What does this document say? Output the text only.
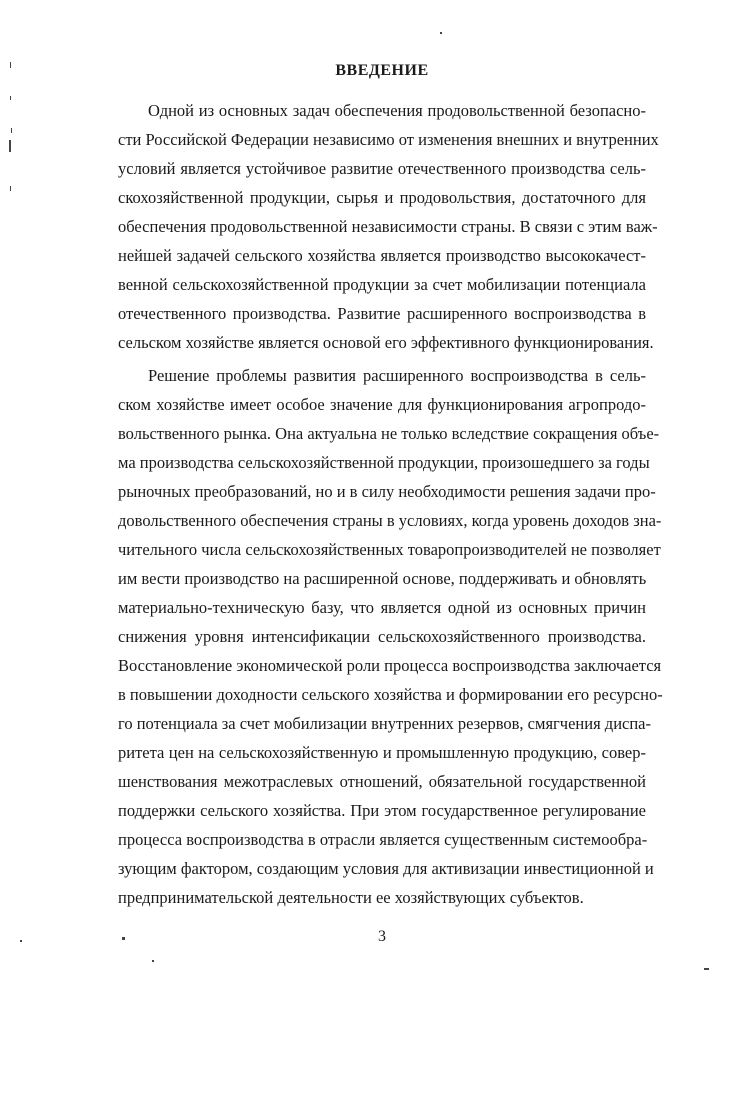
ВВЕДЕНИЕ
Одной из основных задач обеспечения продовольственной безопасно-
сти Российской Федерации независимо от изменения внешних и внутренних
условий является устойчивое развитие отечественного производства сель-
скохозяйственной продукции, сырья и продовольствия, достаточного для
обеспечения продовольственной независимости страны. В связи с этим важ-
нейшей задачей сельского хозяйства является производство высококачест-
венной сельскохозяйственной продукции за счет мобилизации потенциала
отечественного производства. Развитие расширенного воспроизводства в
сельском хозяйстве является основой его эффективного функционирования.
Решение проблемы развития расширенного воспроизводства в сель-
ском хозяйстве имеет особое значение для функционирования агропродо-
вольственного рынка. Она актуальна не только вследствие сокращения объе-
ма производства сельскохозяйственной продукции, произошедшего за годы
рыночных преобразований, но и в силу необходимости решения задачи про-
довольственного обеспечения страны в условиях, когда уровень доходов зна-
чительного числа сельскохозяйственных товаропроизводителей не позволяет
им вести производство на расширенной основе, поддерживать и обновлять
материально-техническую базу, что является одной из основных причин
снижения уровня интенсификации сельскохозяйственного производства.
Восстановление экономической роли процесса воспроизводства заключается
в повышении доходности сельского хозяйства и формировании его ресурсно-
го потенциала за счет мобилизации внутренних резервов, смягчения диспа-
ритета цен на сельскохозяйственную и промышленную продукцию, совер-
шенствования межотраслевых отношений, обязательной государственной
поддержки сельского хозяйства. При этом государственное регулирование
процесса воспроизводства в отрасли является существенным системообра-
зующим фактором, создающим условия для активизации инвестиционной и
предпринимательской деятельности ее хозяйствующих субъектов.
3
